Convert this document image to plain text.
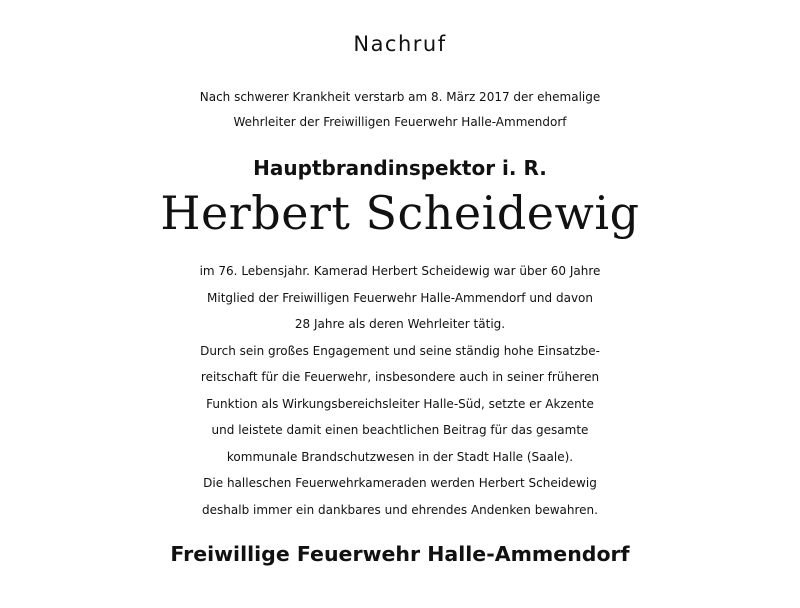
Nachruf
Nach schwerer Krankheit verstarb am 8. März 2017 der ehemalige
Wehrleiter der Freiwilligen Feuerwehr Halle-Ammendorf
Hauptbrandinspektor i. R.
Herbert Scheidewig
im 76. Lebensjahr. Kamerad Herbert Scheidewig war über 60 Jahre
Mitglied der Freiwilligen Feuerwehr Halle-Ammendorf und davon
28 Jahre als deren Wehrleiter tätig.
Durch sein großes Engagement und seine ständig hohe Einsatzbe-
reitschaft für die Feuerwehr, insbesondere auch in seiner früheren
Funktion als Wirkungsbereichsleiter Halle-Süd, setzte er Akzente
und leistete damit einen beachtlichen Beitrag für das gesamte
kommunale Brandschutzwesen in der Stadt Halle (Saale).
Die halleschen Feuerwehrkameraden werden Herbert Scheidewig
deshalb immer ein dankbares und ehrendes Andenken bewahren.
Freiwillige Feuerwehr Halle-Ammendorf
